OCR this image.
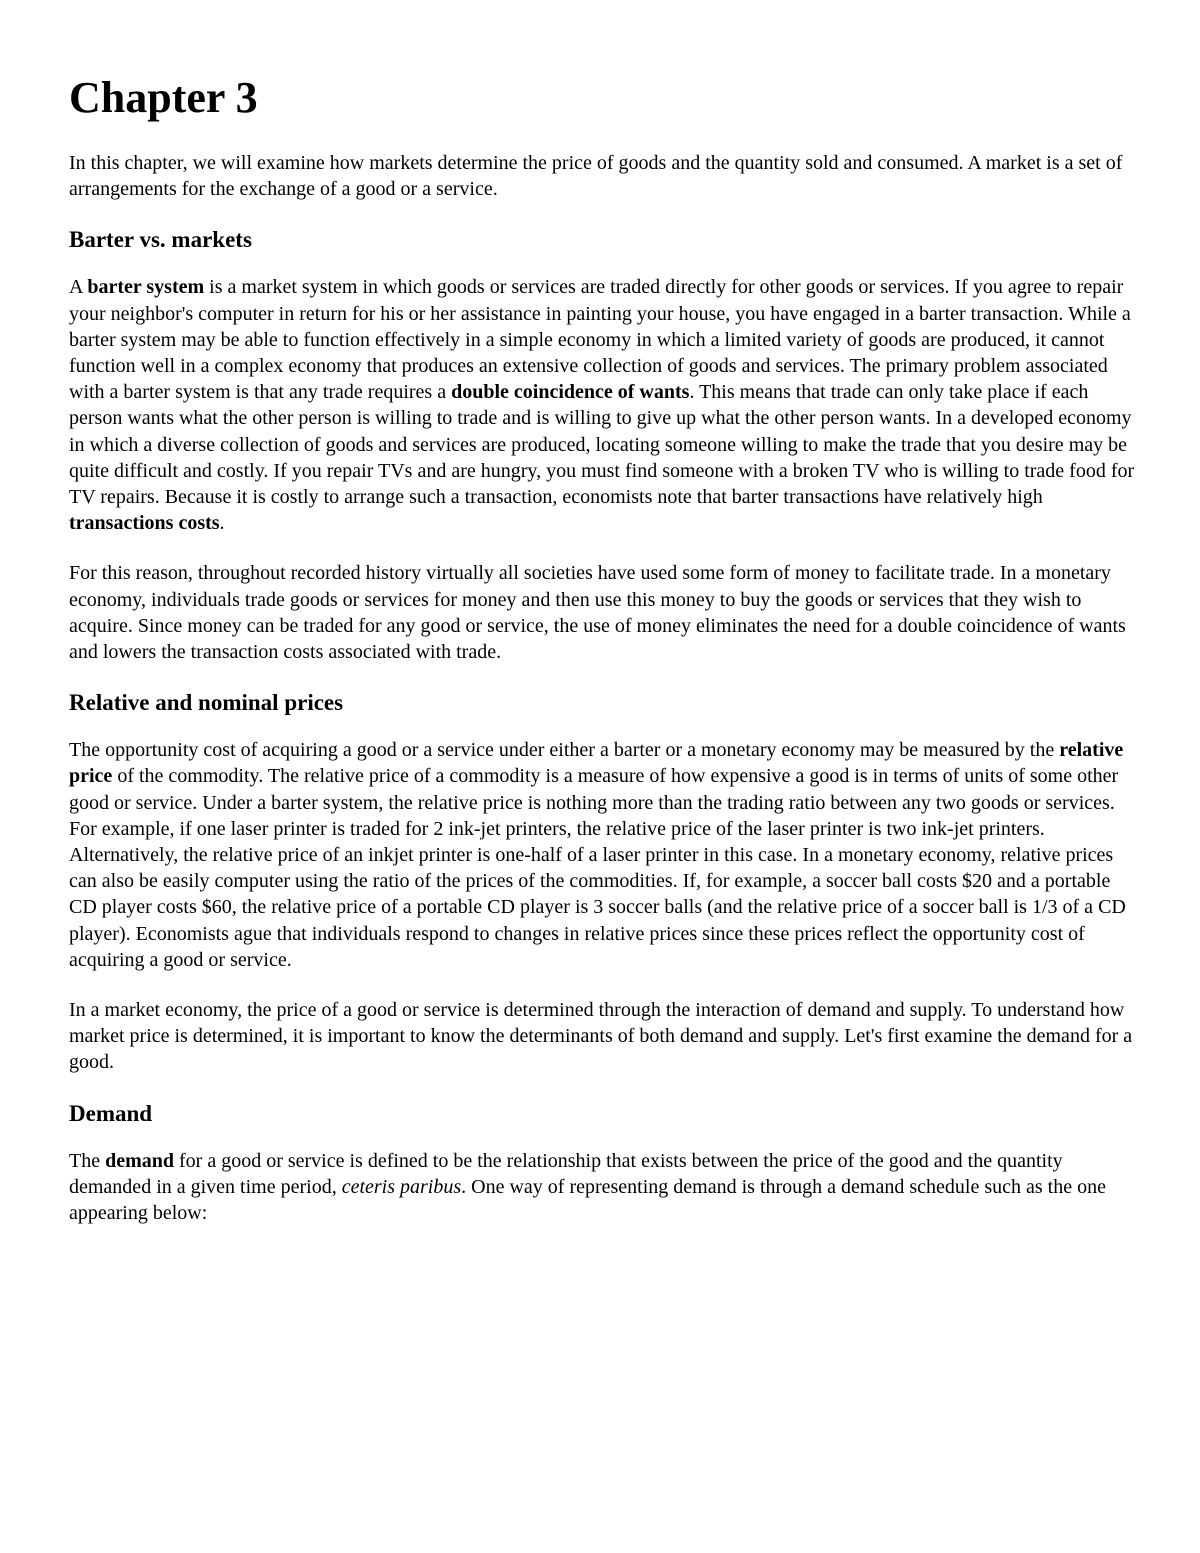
Chapter 3

In this chapter, we will examine how markets determine the price of goods and the quantity sold and consumed. A market is a set of arrangements for the exchange of a good or a service.

Barter vs. markets

A barter system is a market system in which goods or services are traded directly for other goods or services. If you agree to repair your neighbor's computer in return for his or her assistance in painting your house, you have engaged in a barter transaction. While a barter system may be able to function effectively in a simple economy in which a limited variety of goods are produced, it cannot function well in a complex economy that produces an extensive collection of goods and services. The primary problem associated with a barter system is that any trade requires a double coincidence of wants. This means that trade can only take place if each person wants what the other person is willing to trade and is willing to give up what the other person wants. In a developed economy in which a diverse collection of goods and services are produced, locating someone willing to make the trade that you desire may be quite difficult and costly. If you repair TVs and are hungry, you must find someone with a broken TV who is willing to trade food for TV repairs. Because it is costly to arrange such a transaction, economists note that barter transactions have relatively high transactions costs.

For this reason, throughout recorded history virtually all societies have used some form of money to facilitate trade. In a monetary economy, individuals trade goods or services for money and then use this money to buy the goods or services that they wish to acquire. Since money can be traded for any good or service, the use of money eliminates the need for a double coincidence of wants and lowers the transaction costs associated with trade.

Relative and nominal prices

The opportunity cost of acquiring a good or a service under either a barter or a monetary economy may be measured by the relative price of the commodity. The relative price of a commodity is a measure of how expensive a good is in terms of units of some other good or service. Under a barter system, the relative price is nothing more than the trading ratio between any two goods or services. For example, if one laser printer is traded for 2 ink-jet printers, the relative price of the laser printer is two ink-jet printers. Alternatively, the relative price of an inkjet printer is one-half of a laser printer in this case. In a monetary economy, relative prices can also be easily computer using the ratio of the prices of the commodities. If, for example, a soccer ball costs $20 and a portable CD player costs $60, the relative price of a portable CD player is 3 soccer balls (and the relative price of a soccer ball is 1/3 of a CD player). Economists ague that individuals respond to changes in relative prices since these prices reflect the opportunity cost of acquiring a good or service.

In a market economy, the price of a good or service is determined through the interaction of demand and supply. To understand how market price is determined, it is important to know the determinants of both demand and supply. Let's first examine the demand for a good.

Demand

The demand for a good or service is defined to be the relationship that exists between the price of the good and the quantity demanded in a given time period, ceteris paribus. One way of representing demand is through a demand schedule such as the one appearing below:
